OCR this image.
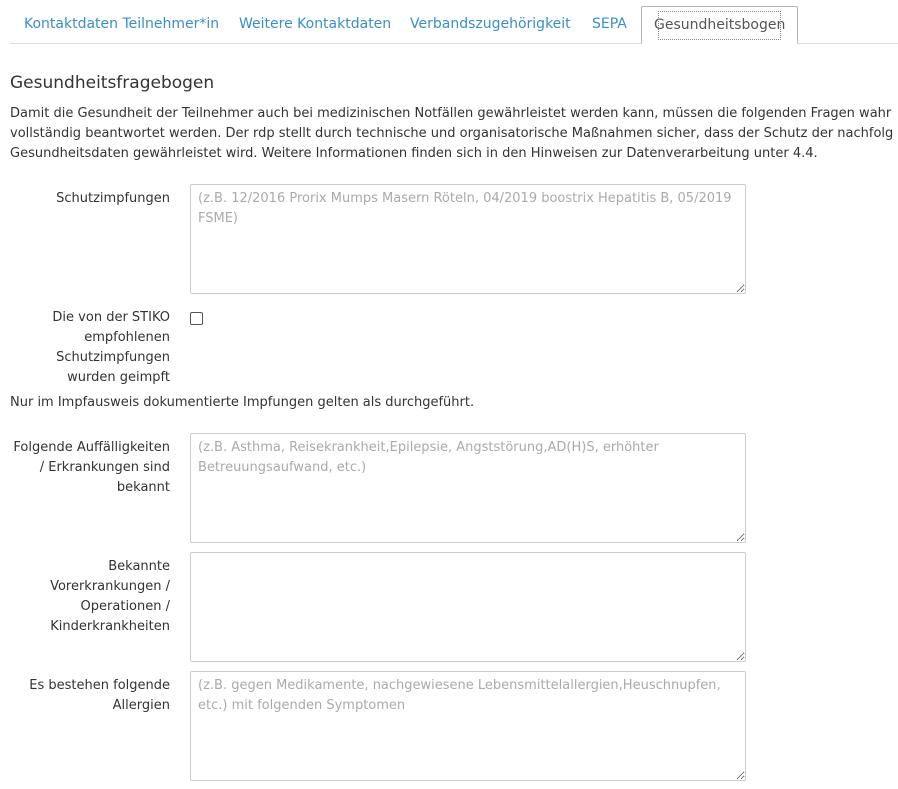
Kontaktdaten Teilnehmer*in Weitere Kontaktdaten Verbandszugehörigkeit SEPA	Gesundheitsbogen
Gesundheitsfragebogen
Damit die Gesundheit der Teilnehmer auch bei medizinischen Notfällen gewährleistet werden kann, müssen die folgenden Fragen wahr
vollständig beantwortet werden. Der rdp stellt durch technische und organisatorische Maßnahmen sicher, dass der Schutz der nachfolg
Gesundheitsdaten gewährleistet wird. Weitere Informationen finden sich in den Hinweisen zur Datenverarbeitung unter 4.4.
Schutzimpfungen
(z.B. 12/2016 Prorix Mumps Masern Röteln, 04/2019 boostrix Hepatitis B, 05/2019 FSME)
Die von der STIKO
empfohlenen
Schutzimpfungen
wurden geimpft
Nur im Impfausweis dokumentierte Impfungen gelten als durchgeführt.
Folgende Auffälligkeiten
/ Erkrankungen sind
bekannt
(z.B. Asthma, Reisekrankheit,Epilepsie, Angststörung,AD(H)S, erhöhter Betreuungsaufwand, etc.)
Bekannte
Vorerkrankungen /
Operationen /
Kinderkrankheiten
Es bestehen folgende
Allergien
(z.B. gegen Medikamente, nachgewiesene Lebensmittelallergien,Heuschnupfen, etc.) mit folgenden Symptomen
